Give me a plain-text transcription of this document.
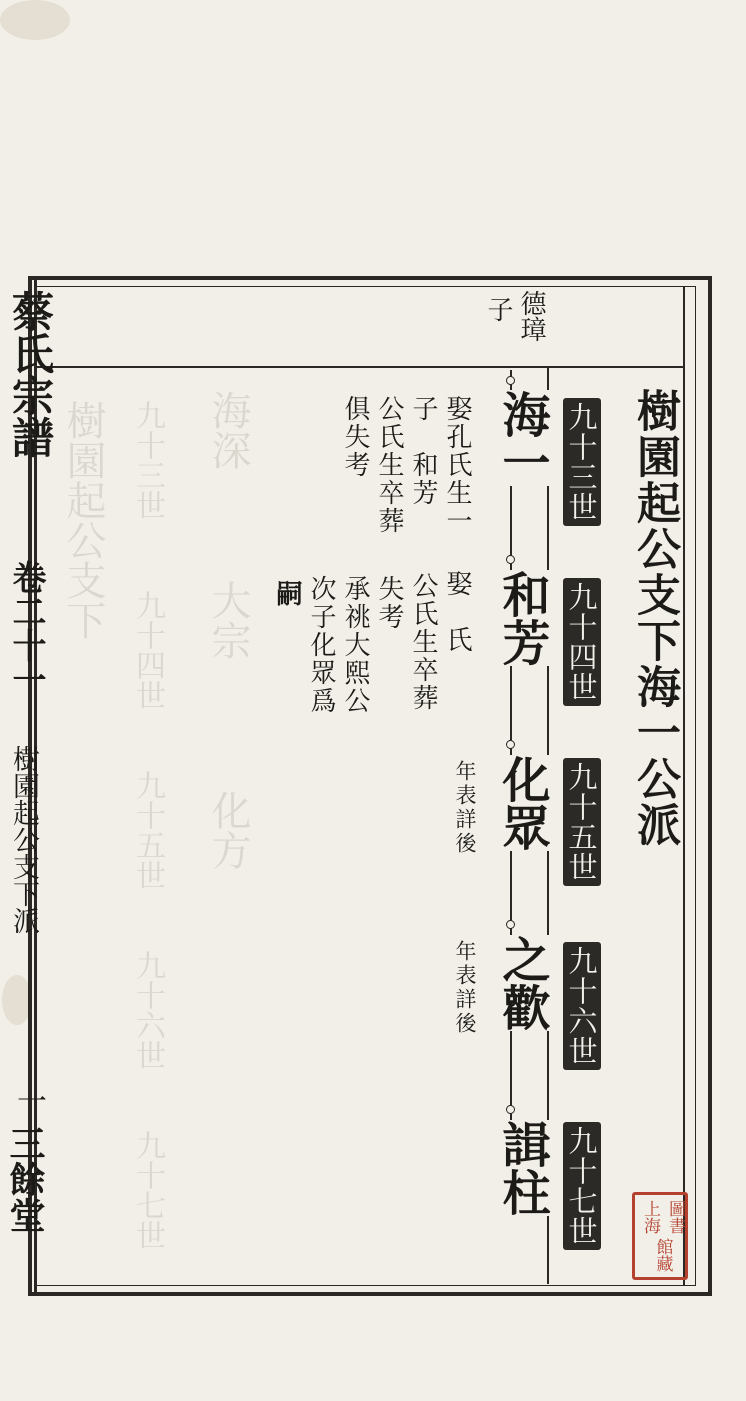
樹園起公支下 海深
大宗
化方
九十三世
九十四世
九十五世
九十六世
九十七世
樹園起公支下海一公派
九十三世
九十四世
九十五世
九十六世
九十七世
德璋
子
海一
和芳
化眾
之歡
諿柱
娶孔氏生一
子　和芳
公氏生卒葬
俱失考
娶　氏
公氏生卒葬
失考
承祧大熙公
次子化眾爲
嗣
年表詳後
年表詳後
蔡氏宗譜
卷二十一
樹園起公支下派
一
三餘堂	上海 圖書
館藏
